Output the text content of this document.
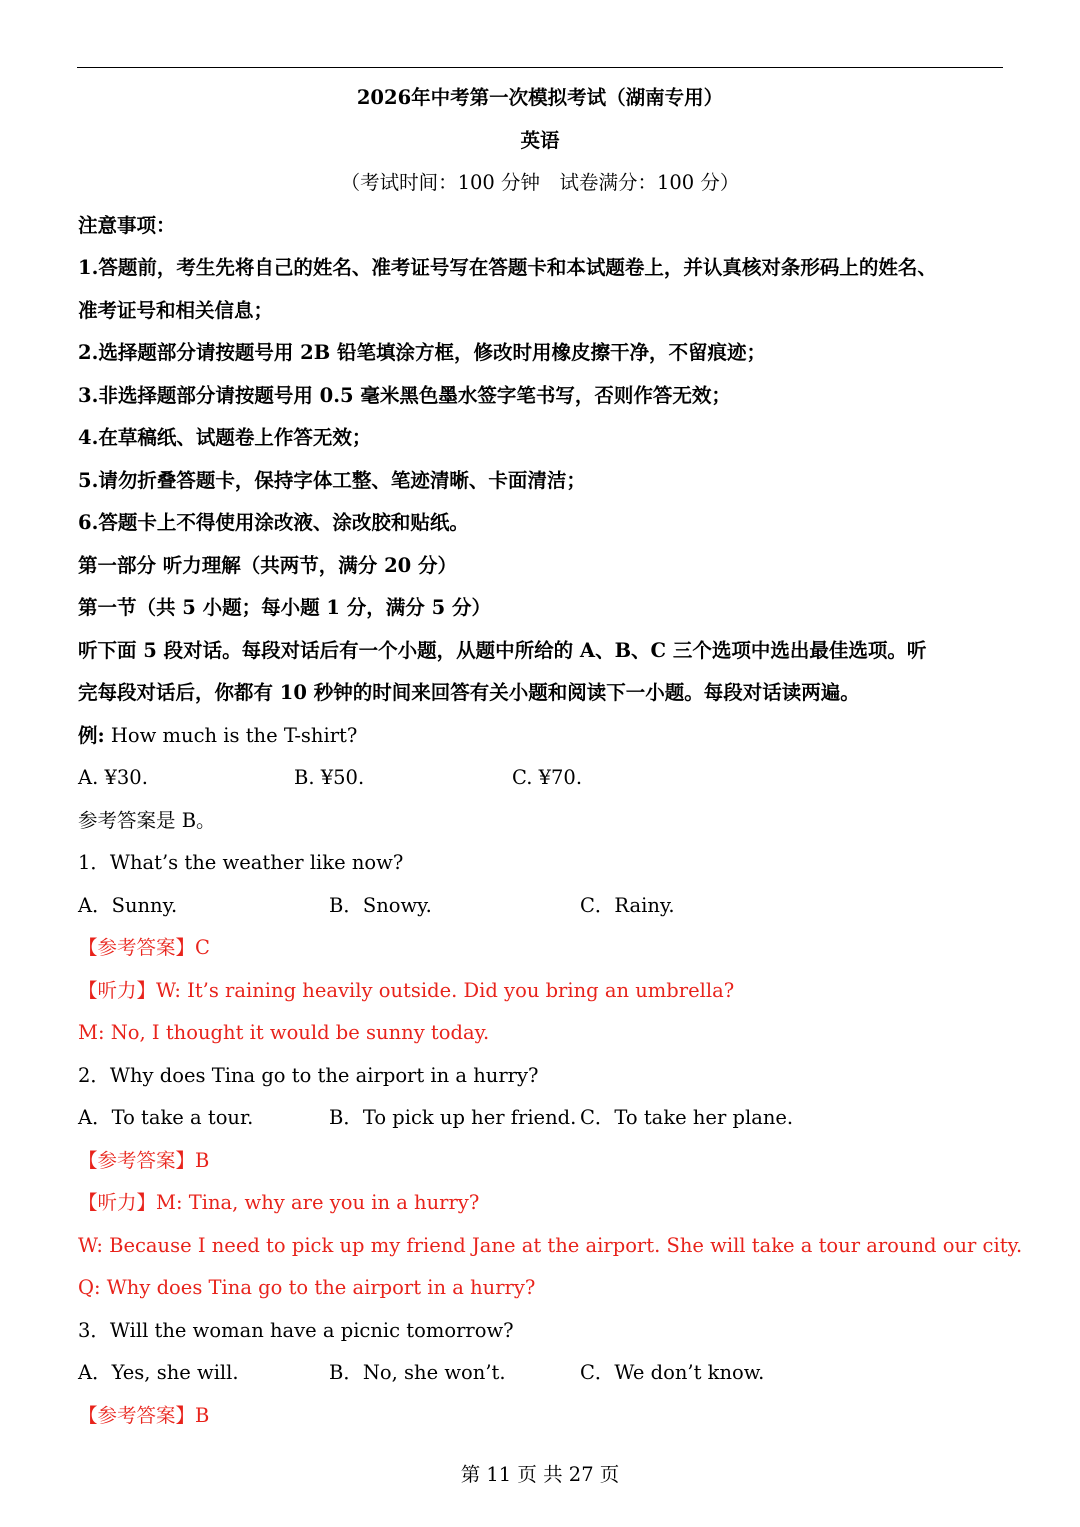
2026年中考第一次模拟考试（湖南专用）
英语
（考试时间：100 分钟　试卷满分：100 分）
注意事项：
1.答题前，考生先将自己的姓名、准考证号写在答题卡和本试题卷上，并认真核对条形码上的姓名、
准考证号和相关信息；
2.选择题部分请按题号用 2B 铅笔填涂方框，修改时用橡皮擦干净，不留痕迹；
3.非选择题部分请按题号用 0.5 毫米黑色墨水签字笔书写，否则作答无效；
4.在草稿纸、试题卷上作答无效；
5.请勿折叠答题卡，保持字体工整、笔迹清晰、卡面清洁；
6.答题卡上不得使用涂改液、涂改胶和贴纸。
第一部分 听力理解（共两节，满分 20 分）
第一节（共 5 小题；每小题 1 分，满分 5 分）
听下面 5 段对话。每段对话后有一个小题，从题中所给的 A、B、C 三个选项中选出最佳选项。听
完每段对话后，你都有 10 秒钟的时间来回答有关小题和阅读下一小题。每段对话读两遍。
例: How much is the T-shirt?
A. ¥30.	B. ¥50.	C. ¥70.
参考答案是 B。
1．What’s the weather like now?
A．Sunny.	B．Snowy.	C．Rainy.
【参考答案】C
【听力】W: It’s raining heavily outside. Did you bring an umbrella?
M: No, I thought it would be sunny today.
2．Why does Tina go to the airport in a hurry?
A．To take a tour.	B．To pick up her friend. C．To take her plane.
【参考答案】B
【听力】M: Tina, why are you in a hurry?
W: Because I need to pick up my friend Jane at the airport. She will take a tour around our city.
Q: Why does Tina go to the airport in a hurry?
3．Will the woman have a picnic tomorrow?
A．Yes, she will.	B．No, she won’t.	C．We don’t know.
【参考答案】B
第 11 页 共 27 页
